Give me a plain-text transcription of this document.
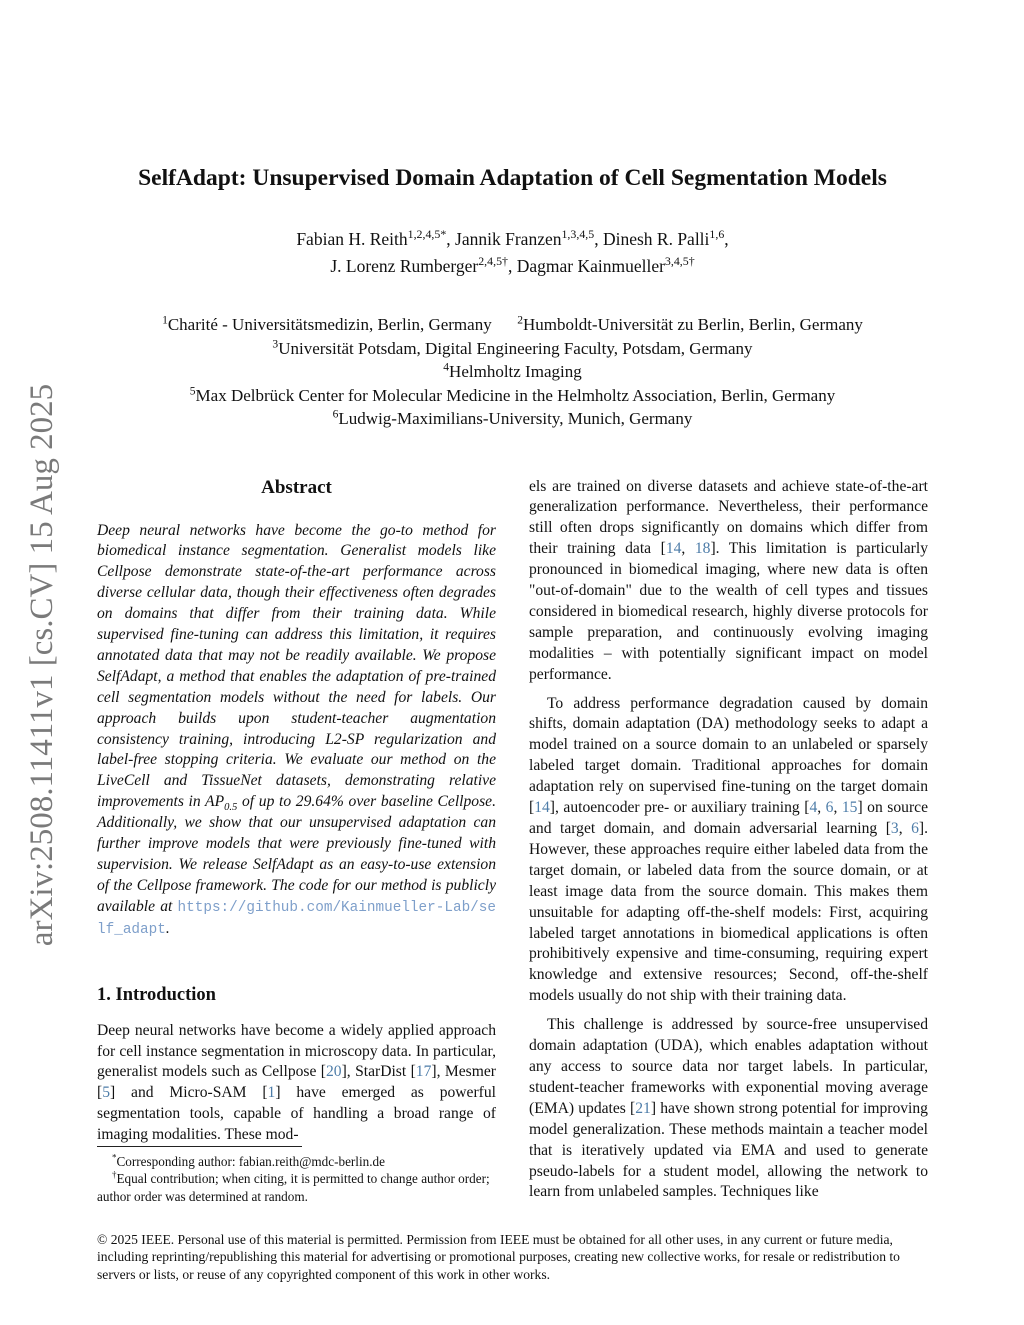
arXiv:2508.11411v1 [cs.CV] 15 Aug 2025
SelfAdapt: Unsupervised Domain Adaptation of Cell Segmentation Models
Fabian H. Reith$^{1,2,4,5*}$, Jannik Franzen$^{1,3,4,5}$, Dinesh R. Palli$^{1,6}$,
J. Lorenz Rumberger$^{2,4,5\dagger}$, Dagmar Kainmueller$^{3,4,5\dagger}$
$^1$Charité - Universitätsmedizin, Berlin, Germany $^2$Humboldt-Universität zu Berlin, Berlin, Germany
$^3$Universität Potsdam, Digital Engineering Faculty, Potsdam, Germany
$^4$Helmholtz Imaging
$^5$Max Delbrück Center for Molecular Medicine in the Helmholtz Association, Berlin, Germany
$^6$Ludwig-Maximilians-University, Munich, Germany
Abstract

Deep neural networks have become the go-to method for biomedical instance segmentation. Generalist models like Cellpose demonstrate state-of-the-art performance across diverse cellular data, though their effectiveness often degrades on domains that differ from their training data. While supervised fine-tuning can address this limitation, it requires annotated data that may not be readily available. We propose SelfAdapt, a method that enables the adaptation of pre-trained cell segmentation models without the need for labels. Our approach builds upon student-teacher augmentation consistency training, introducing L2-SP regularization and label-free stopping criteria. We evaluate our method on the LiveCell and TissueNet datasets, demonstrating relative improvements in $AP_{0.5}$ of up to 29.64% over baseline Cellpose. Additionally, we show that our unsupervised adaptation can further improve models that were previously fine-tuned with supervision. We release SelfAdapt as an easy-to-use extension of the Cellpose framework. The code for our method is publicly available at https://github.com/Kainmueller-Lab/self_adapt.

1. Introduction

Deep neural networks have become a widely applied approach for cell instance segmentation in microscopy data. In particular, generalist models such as Cellpose [20], StarDist [17], Mesmer [5] and Micro-SAM [1] have emerged as powerful segmentation tools, capable of handling a broad range of imaging modalities. These mod-

*Corresponding author: fabian.reith@mdc-berlin.de
†Equal contribution; when citing, it is permitted to change author order; author order was determined at random.

els are trained on diverse datasets and achieve state-of-the-art generalization performance. Nevertheless, their performance still often drops significantly on domains which differ from their training data [14, 18]. This limitation is particularly pronounced in biomedical imaging, where new data is often "out-of-domain" due to the wealth of cell types and tissues considered in biomedical research, highly diverse protocols for sample preparation, and continuously evolving imaging modalities – with potentially significant impact on model performance.

To address performance degradation caused by domain shifts, domain adaptation (DA) methodology seeks to adapt a model trained on a source domain to an unlabeled or sparsely labeled target domain. Traditional approaches for domain adaptation rely on supervised fine-tuning on the target domain [14], autoencoder pre- or auxiliary training [4, 6, 15] on source and target domain, and domain adversarial learning [3, 6]. However, these approaches require either labeled data from the target domain, or labeled data from the source domain, or at least image data from the source domain. This makes them unsuitable for adapting off-the-shelf models: First, acquiring labeled target annotations in biomedical applications is often prohibitively expensive and time-consuming, requiring expert knowledge and extensive resources; Second, off-the-shelf models usually do not ship with their training data.

This challenge is addressed by source-free unsupervised domain adaptation (UDA), which enables adaptation without any access to source data nor target labels. In particular, student-teacher frameworks with exponential moving average (EMA) updates [21] have shown strong potential for improving model generalization. These methods maintain a teacher model that is iteratively updated via EMA and used to generate pseudo-labels for a student model, allowing the network to learn from unlabeled samples. Techniques like

© 2025 IEEE. Personal use of this material is permitted. Permission from IEEE must be obtained for all other uses, in any current or future media, including reprinting/republishing this material for advertising or promotional purposes, creating new collective works, for resale or redistribution to servers or lists, or reuse of any copyrighted component of this work in other works.
